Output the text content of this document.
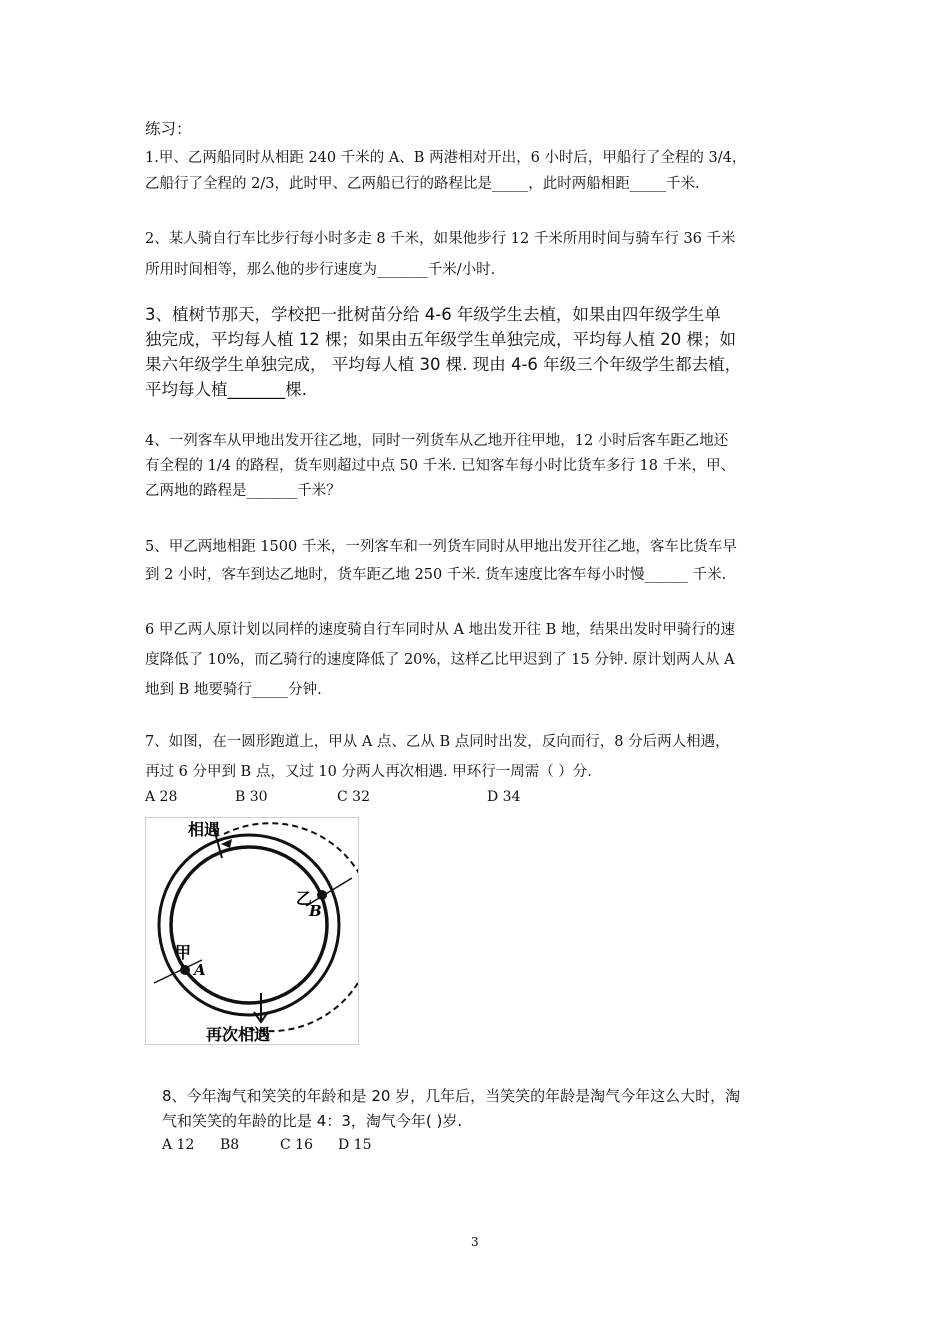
练习：
1.甲、乙两船同时从相距 240 千米的 A、B 两港相对开出，6 小时后，甲船行了全程的 3/4，
乙船行了全程的 2/3，此时甲、乙两船已行的路程比是_____，此时两船相距_____千米.
2、某人骑自行车比步行每小时多走 8 千米，如果他步行 12 千米所用时间与骑车行 36 千米
所用时间相等，那么他的步行速度为_______千米/小时.
3、植树节那天，学校把一批树苗分给 4-6 年级学生去植，如果由四年级学生单
独完成，平均每人植 12 棵；如果由五年级学生单独完成，平均每人植 20 棵；如
果六年级学生单独完成， 平均每人植 30 棵. 现由 4-6 年级三个年级学生都去植，
平均每人植_______棵.
4、一列客车从甲地出发开往乙地，同时一列货车从乙地开往甲地，12 小时后客车距乙地还
有全程的 1/4 的路程，货车则超过中点 50 千米. 已知客车每小时比货车多行 18 千米，甲、
乙两地的路程是_______千米？
5、甲乙两地相距 1500 千米，一列客车和一列货车同时从甲地出发开往乙地，客车比货车早
到 2 小时，客车到达乙地时，货车距乙地 250 千米. 货车速度比客车每小时慢______ 千米.
6 甲乙两人原计划以同样的速度骑自行车同时从 A 地出发开往 B 地，结果出发时甲骑行的速
度降低了 10%，而乙骑行的速度降低了 20%，这样乙比甲迟到了 15 分钟. 原计划两人从 A
地到 B 地要骑行_____分钟.
7、如图，在一圆形跑道上，甲从 A 点、乙从 B 点同时出发，反向而行，8 分后两人相遇，
再过 6 分甲到 B 点，又过 10 分两人再次相遇. 甲环行一周需（ ）分.
A 28	B 30	C 32	D 34
相遇
乙
B
甲
A
再次相遇
8、今年淘气和笑笑的年龄和是 20 岁，几年后，当笑笑的年龄是淘气今年这么大时，淘
气和笑笑的年龄的比是 4：3，淘气今年( )岁.
A 12 B8	C 16 D 15
3
